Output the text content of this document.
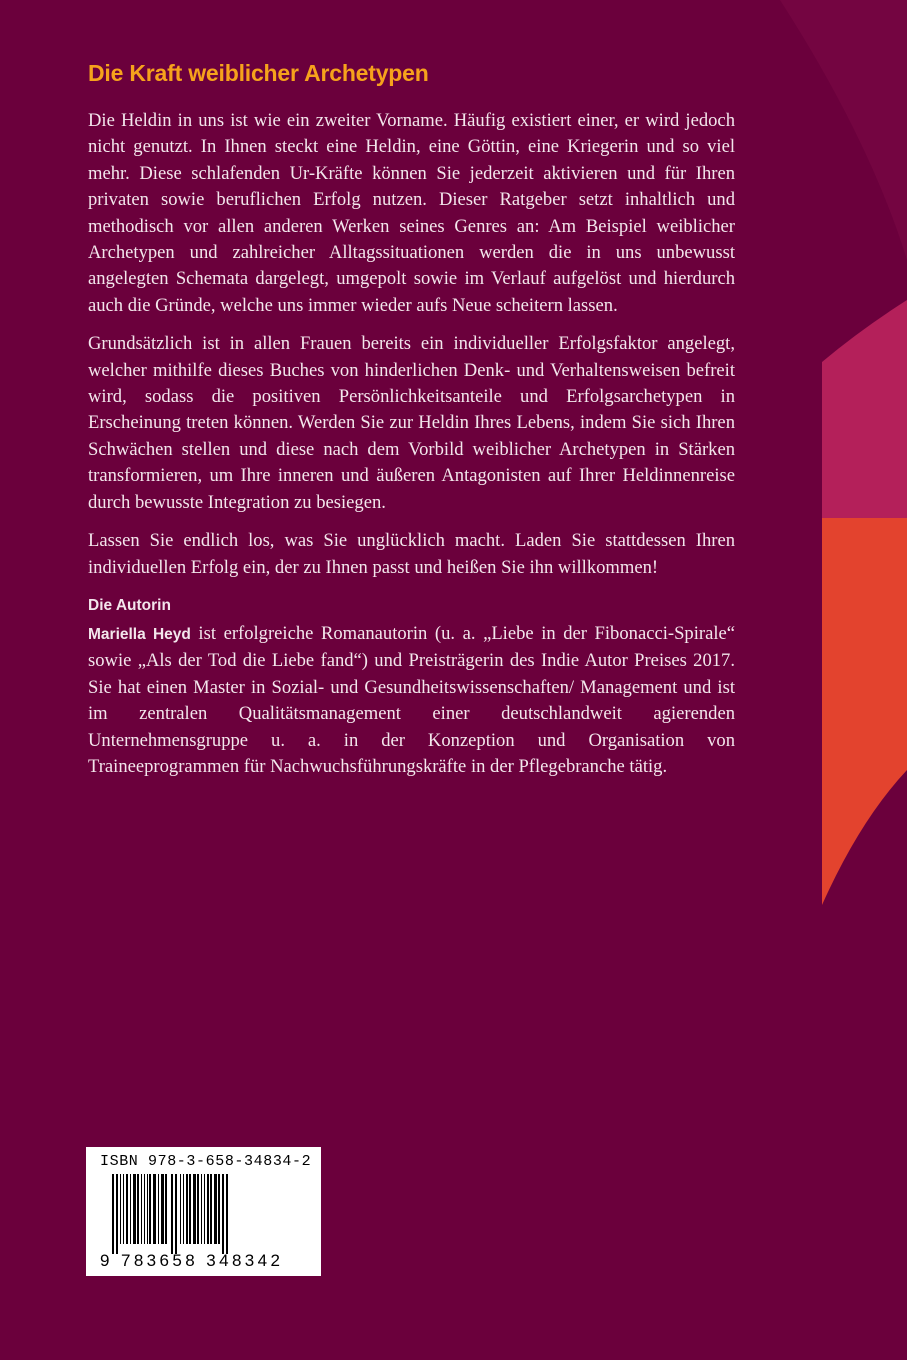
Die Kraft weiblicher Archetypen

Die Heldin in uns ist wie ein zweiter Vorname. Häufig existiert einer, er wird jedoch nicht genutzt. In Ihnen steckt eine Heldin, eine Göttin, eine Kriegerin und so viel mehr. Diese schlafenden Ur-Kräfte können Sie jederzeit aktivieren und für Ihren privaten sowie beruflichen Erfolg nutzen. Dieser Ratgeber setzt inhaltlich und methodisch vor allen anderen Werken seines Genres an: Am Beispiel weiblicher Archetypen und zahlreicher Alltagssituationen werden die in uns unbewusst angelegten Schemata dargelegt, umgepolt sowie im Verlauf aufgelöst und hierdurch auch die Gründe, welche uns immer wieder aufs Neue scheitern lassen.

Grundsätzlich ist in allen Frauen bereits ein individueller Erfolgsfaktor angelegt, welcher mithilfe dieses Buches von hinderlichen Denk- und Verhaltensweisen befreit wird, sodass die positiven Persönlichkeitsanteile und Erfolgsarchetypen in Erscheinung treten können. Werden Sie zur Heldin Ihres Lebens, indem Sie sich Ihren Schwächen stellen und diese nach dem Vorbild weiblicher Archetypen in Stärken transformieren, um Ihre inneren und äußeren Antagonisten auf Ihrer Heldinnenreise durch bewusste Integration zu besiegen.

Lassen Sie endlich los, was Sie unglücklich macht. Laden Sie stattdessen Ihren individuellen Erfolg ein, der zu Ihnen passt und heißen Sie ihn willkommen!

Die Autorin

Mariella Heyd ist erfolgreiche Romanautorin (u. a. „Liebe in der Fibonacci-Spirale“ sowie „Als der Tod die Liebe fand“) und Preisträgerin des Indie Autor Preises 2017. Sie hat einen Master in Sozial- und Gesundheitswissenschaften/ Management und ist im zentralen Qualitätsmanagement einer deutschlandweit agierenden Unternehmensgruppe u. a. in der Konzeption und Organisation von Traineeprogrammen für Nachwuchsführungskräfte in der Pflegebranche tätig.

ISBN 978-3-658-34834-2
9 783658 348342
